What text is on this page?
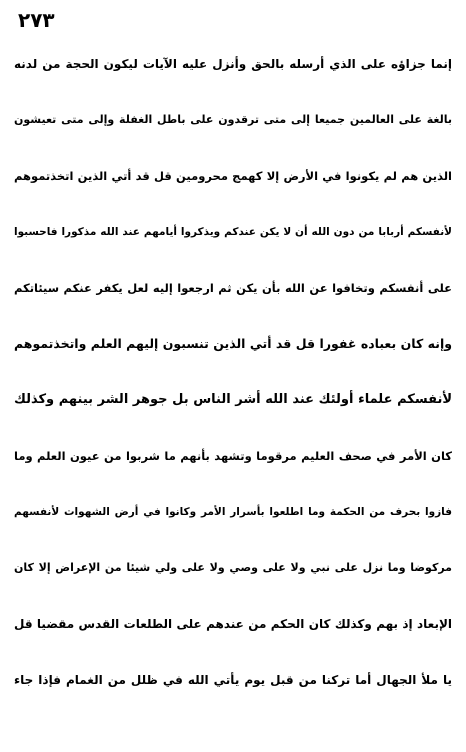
٢٧٣
إنما جزاؤه على الذي أرسله بالحق وأنزل عليه الآيات ليكون الحجة من لدنه
بالغة على العالمين جميعا إلى متى ترقدون على باطل الغفلة وإلى متى تعيشون
الذين هم لم يكونوا في الأرض إلا كهمج محرومين قل قد أتي الذين اتخذتموهم
لأنفسكم أربابا من دون الله أن لا يكن عندكم ويذكروا أيامهم عند الله مذكورا فاحسبوا
على أنفسكم وتخافوا عن الله بأن يكن ثم ارجعوا إليه لعل يكفر عنكم سيئاتكم
وإنه كان بعباده غفورا قل قد أتي الذين تنسبون إليهم العلم واتخذتموهم
لأنفسكم علماء أولئك عند الله أشر الناس بل جوهر الشر بينهم وكذلك
كان الأمر في صحف العليم مرقوما وتشهد بأنهم ما شربوا من عيون العلم وما
فازوا بحرف من الحكمة وما اطلعوا بأسرار الأمر وكانوا في أرض الشهوات لأنفسهم
مركوضا وما نزل على نبي ولا على وصي ولا على ولي شيئا من الإعراض إلا كان
الإبعاد إذ بهم وكذلك كان الحكم من عندهم على الطلعات القدس مقضيا قل
يا ملأ الجهال أما تركنا من قبل يوم يأتي الله في ظلل من الغمام فإذا جاء
